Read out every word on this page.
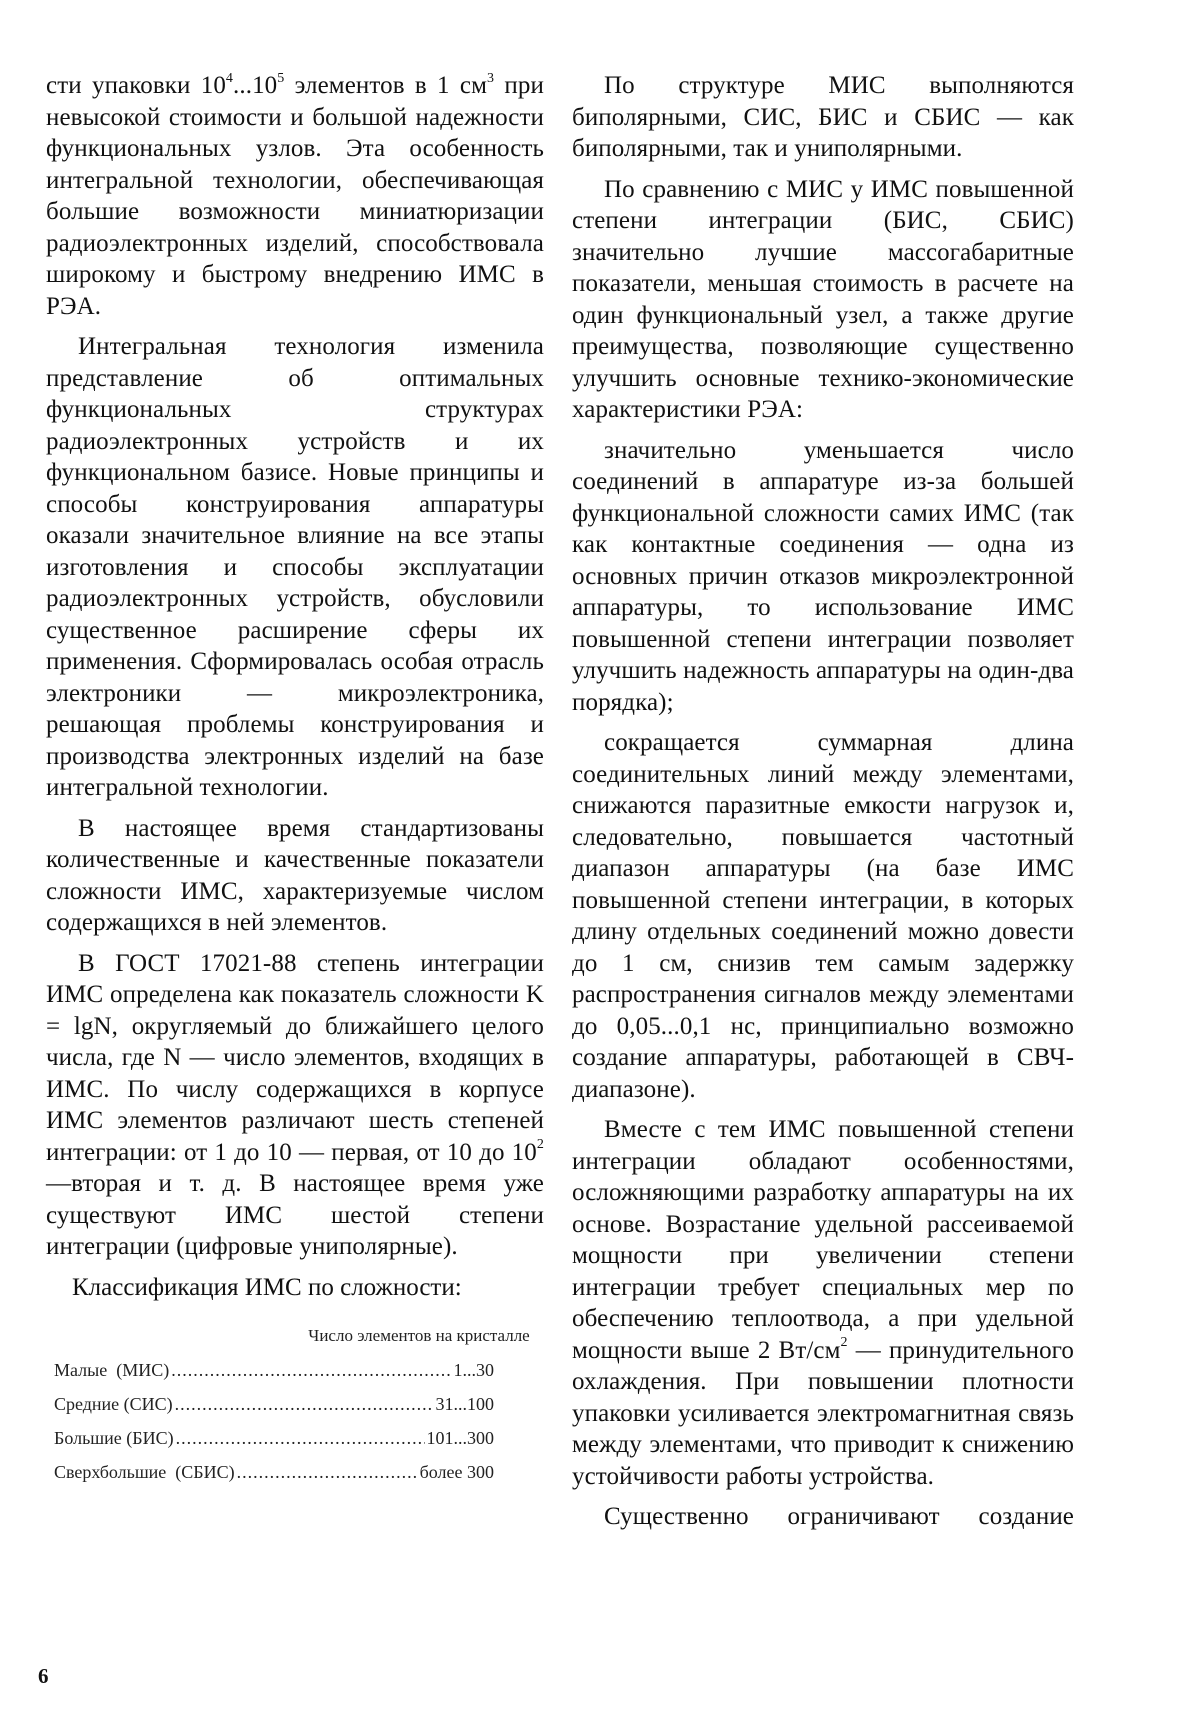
сти упаковки $10^4...10^5$ элементов в 1 $см^3$ при невысокой стоимости и большой надежности функциональных узлов. Эта особенность интегральной технологии, обеспечивающая большие возможности миниатюризации радиоэлектронных изделий, способствовала широкому и быстрому внедрению ИМС в РЭА.

Интегральная технология изменила представление об оптимальных функциональных структурах радиоэлектронных устройств и их функциональном базисе. Новые принципы и способы конструирования аппаратуры оказали значительное влияние на все этапы изготовления и способы эксплуатации радиоэлектронных устройств, обусловили существенное расширение сферы их применения. Сформировалась особая отрасль электроники — микроэлектроника, решающая проблемы конструирования и производства электронных изделий на базе интегральной технологии.

В настоящее время стандартизованы количественные и качественные показатели сложности ИМС, характеризуемые числом содержащихся в ней элементов.

В ГОСТ 17021-88 степень интеграции ИМС определена как показатель сложности K = lgN, округляемый до ближайшего целого числа, где N — число элементов, входящих в ИМС. По числу содержащихся в корпусе ИМС элементов различают шесть степеней интеграции: от 1 до 10 — первая, от 10 до $10^2$ —вторая и т. д. В настоящее время уже существуют ИМС шестой степени интеграции (цифровые униполярные).

Классификация ИМС по сложности:
Число элементов на кристалле
Малые  (МИС) .....	1...30
Средние (СИС) .....	31...100
Большие (БИС) .....	101...300
Сверхбольшие  (СБИС) .....	более 300

По структуре МИС выполняются биполярными, СИС, БИС и СБИС — как биполярными, так и униполярными.

По сравнению с МИС у ИМС повышенной степени интеграции (БИС, СБИС) значительно лучшие массогабаритные показатели, меньшая стоимость в расчете на один функциональный узел, а также другие преимущества, позволяющие существенно улучшить основные технико-экономические характеристики РЭА:

значительно уменьшается число соединений в аппаратуре из-за большей функциональной сложности самих ИМС (так как контактные соединения — одна из основных причин отказов микроэлектронной аппаратуры, то использование ИМС повышенной степени интеграции позволяет улучшить надежность аппаратуры на один-два порядка);

сокращается суммарная длина соединительных линий между элементами, снижаются паразитные емкости нагрузок и, следовательно, повышается частотный диапазон аппаратуры (на базе ИМС повышенной степени интеграции, в которых длину отдельных соединений можно довести до 1 см, снизив тем самым задержку распространения сигналов между элементами до 0,05...0,1 нс, принципиально возможно создание аппаратуры, работающей в СВЧ-диапазоне).

Вместе с тем ИМС повышенной степени интеграции обладают особенностями, осложняющими разработку аппаратуры на их основе. Возрастание удельной рассеиваемой мощности при увеличении степени интеграции требует специальных мер по обеспечению теплоотвода, а при удельной мощности выше 2 $Вт/см^2$ — принудительного охлаждения. При повышении плотности упаковки усиливается электромагнитная связь между элементами, что приводит к снижению устойчивости работы устройства.

Существенно ограничивают создание

6
